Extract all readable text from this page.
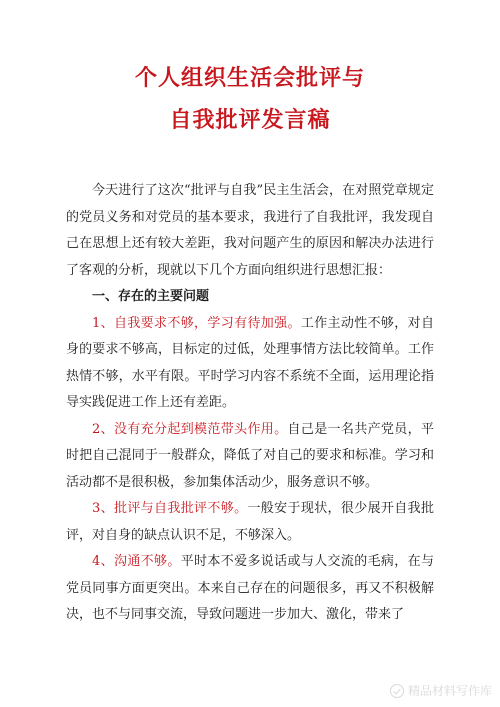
个人组织生活会批评与
自我批评发言稿

今天进行了这次“批评与自我”民主生活会，在对照党章规定的党员义务和对党员的基本要求，我进行了自我批评，我发现自己在思想上还有较大差距，我对问题产生的原因和解决办法进行了客观的分析，现就以下几个方面向组织进行思想汇报：

一、存在的主要问题

1、自我要求不够，学习有待加强。工作主动性不够，对自身的要求不够高，目标定的过低，处理事情方法比较简单。工作热情不够，水平有限。平时学习内容不系统不全面，运用理论指导实践促进工作上还有差距。

2、没有充分起到模范带头作用。自己是一名共产党员，平时把自己混同于一般群众，降低了对自己的要求和标准。学习和活动都不是很积极，参加集体活动少，服务意识不够。

3、批评与自我批评不够。一般安于现状，很少展开自我批评，对自身的缺点认识不足，不够深入。

4、沟通不够。平时本不爱多说话或与人交流的毛病，在与党员同事方面更突出。本来自己存在的问题很多，再又不积极解决，也不与同事交流，导致问题进一步加大、激化，带来了

精品材料写作库
